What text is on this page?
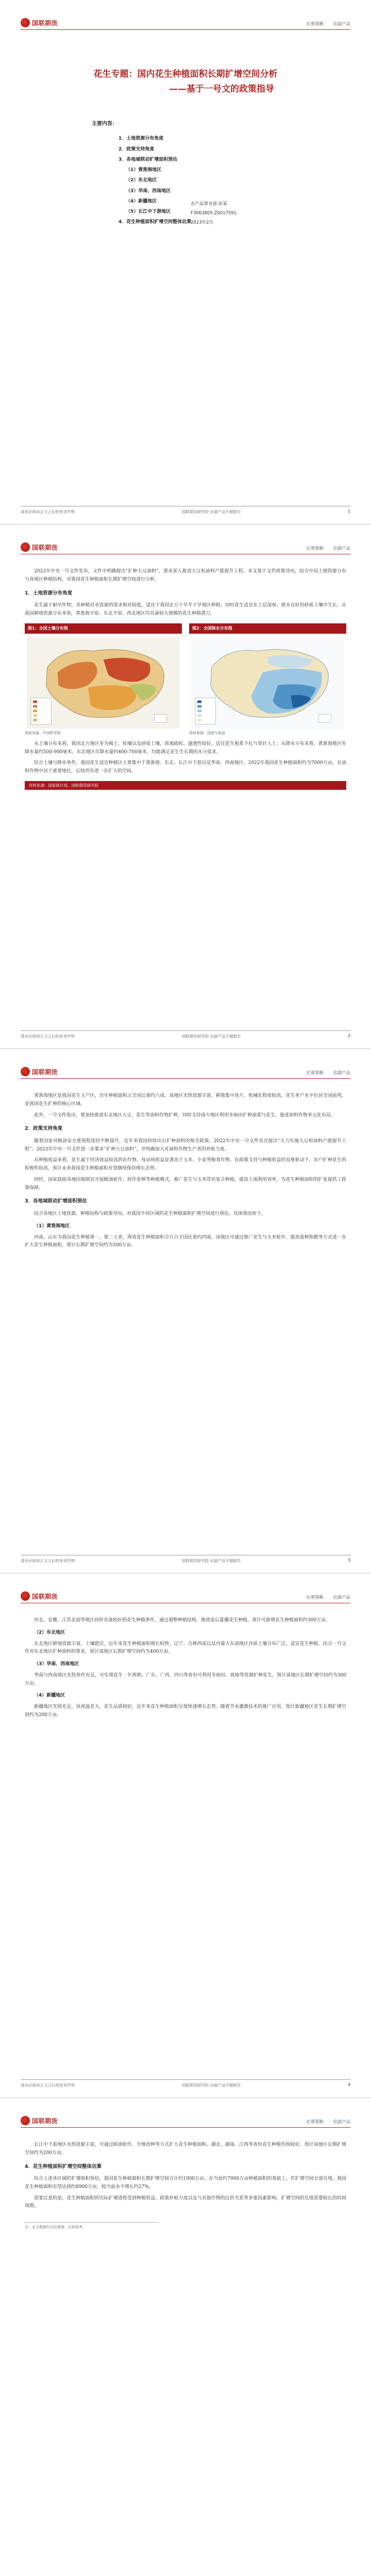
国联期货	宏观策略 农副产品
花生专题：国内花生种植面积长期扩增空间分析
——基于一号文的政策指导
主要内容：
1．土地资源分布角度
2．政策支持角度
3．各地域联动扩增面积预估
（1）黄淮海地区
（2）东北地区
（3）华南、西南地区
（4）新疆地区
（5）长江中下游地区
4．花生种植面积扩增空间整体估算
农产品事业部 彭某
F3063805 Z0017591
2023年2月
请务必阅读正文之后的免责声明	国联期货研究院·农副产品专题报告	1
国联期货	宏观策略 农副产品

2023年中央一号文件发布，文件中明确提出“扩种大豆油料”，要求深入推进大豆和油料产能提升工程。本文基于文件政策导向，结合中国土地资源分布与各地区种植结构，对我国花生种植面积长期扩增空间进行分析。

1．土地资源分布角度

花生属于耐旱作物，其种植对水资源的需求相对较低，适宜于我国北方干旱半干旱地区种植；同时花生适宜在土层深厚、排水良好的砂质土壤中生长。从我国耕地资源分布来看，黄淮海平原、东北平原、西北地区均具备较大规模的花生种植潜力。

图1：全国土壤分布图
资料来源：中国科学院
图2：全国降水分布图
资料来源：国家气象局

从土壤分布来看，我国北方地区多为褐土、棕壤以及砂质土壤，质地疏松、通透性较好，适宜花生根系下扎与果针入土；从降水分布来看，黄淮海地区年降水量约500-900毫米，东北地区年降水量约400-700毫米，均能满足花生生长期的水分需求。

综合土壤与降水条件，我国花生适宜种植区主要集中于黄淮海、东北、长江中下游以及华南、西南地区。2022年我国花生种植面积约为7000万亩，在油料作物中居于重要地位，后续仍有进一步扩大的空间。

资料来源：国家统计局，国联期货研究院
请务必阅读正文之后的免责声明	国联期货研究院·农副产品专题报告	2
国联期货	宏观策略 农副产品

黄淮海地区是我国花生主产区，历年种植面积占全国比重约六成。该地区光热资源丰富，耕地集中连片，机械化程度较高，花生单产水平位居全国前列，是我国花生扩种的核心区域。

此外，一号文件指出，要加快推进东北地区大豆、花生等油料作物扩种，同时支持南方地区利用冬闲田扩种油菜与花生，推进油料作物多元化布局。

2．政策支持角度

随着国家对粮油安全重视程度的不断提升，近年来我国持续出台扩种油料的相关政策。2022年中央一号文件首次提出“大力实施大豆和油料产能提升工程”；2023年中央一号文件进一步要求“扩种大豆油料”，并明确加大对油料作物生产者的补贴力度。

从种植收益来看，花生属于经济效益较高的农作物，每亩纯收益显著高于玉米、小麦等粮食作物。在政策支持与种植收益的双重驱动下，农户扩种花生的积极性较高，预计未来我国花生种植面积有望继续保持增长态势。

同时，国家鼓励各地因地制宜开展粮油轮作、间作套种等种植模式，推广花生与玉米带状复合种植，提高土地利用效率，为花生种植面积的扩张提供了政策保障。

3．各地域联动扩增面积预估

结合各地区土地资源、种植结构与政策导向，对我国不同区域的花生种植面积扩增空间进行预估，具体情况如下。

（1）黄淮海地区

河南、山东为我国花生种植第一、第二大省，两省花生种植面积合计占全国比重约四成。该地区可通过推广花生与玉米轮作、提高复种指数等方式进一步扩大花生种植面积，预计长期扩增空间约为500万亩。

请务必阅读正文之后的免责声明	国联期货研究院·农副产品专题报告	3
国联期货	宏观策略 农副产品

河北、安徽、江苏北部等地区同样具备较好的花生种植条件，通过调整种植结构，推进麦后夏播花生种植，预计可新增花生种植面积约300万亩。

（2）东北地区

东北地区耕地资源丰富，土壤肥沃，近年来花生种植面积增长较快。辽宁、吉林西部以及内蒙古东部地区沙质土壤分布广泛，适宜花生种植。结合一号文件对东北地区扩种油料的要求，预计该地区长期扩增空间约为400万亩。

（3）华南、西南地区

华南与西南地区光热条件充足，可实现花生一年两熟。广东、广西、四川等省份可利用冬闲田、坡地等资源扩种花生，预计该地区长期扩增空间约为300万亩。

（4）新疆地区

新疆地区光照充足，昼夜温差大，花生品质较好，近年来花生种植面积呈现快速增长态势。随着节水灌溉技术的推广应用，预计新疆地区花生长期扩增空间约为200万亩。

请务必阅读正文之后的免责声明	国联期货研究院·农副产品专题报告	4
国联期货	宏观策略 农副产品

长江中下游地区水热资源丰富，可通过稻油轮作、旱地改种等方式扩大花生种植面积。湖北、湖南、江西等省份花生种植传统较好，预计该地区长期扩增空间约为200万亩。

4．花生种植面积扩增空间整体估算

综合上述各区域的扩增面积预估，我国花生种植面积长期扩增空间合计约1900万亩。在当前约7000万亩种植面积的基础上，若扩增空间全部兑现，我国花生种植面积有望达到约8900万亩，较当前水平增长约27%。

需要注意的是，花生种植面积的实际扩增进程受到种植收益、政策补贴力度以及与其他作物的比价关系等多重因素影响，扩增空间的兑现需要较长的时间周期。

注：本文数据均为估算值，仅供参考。
